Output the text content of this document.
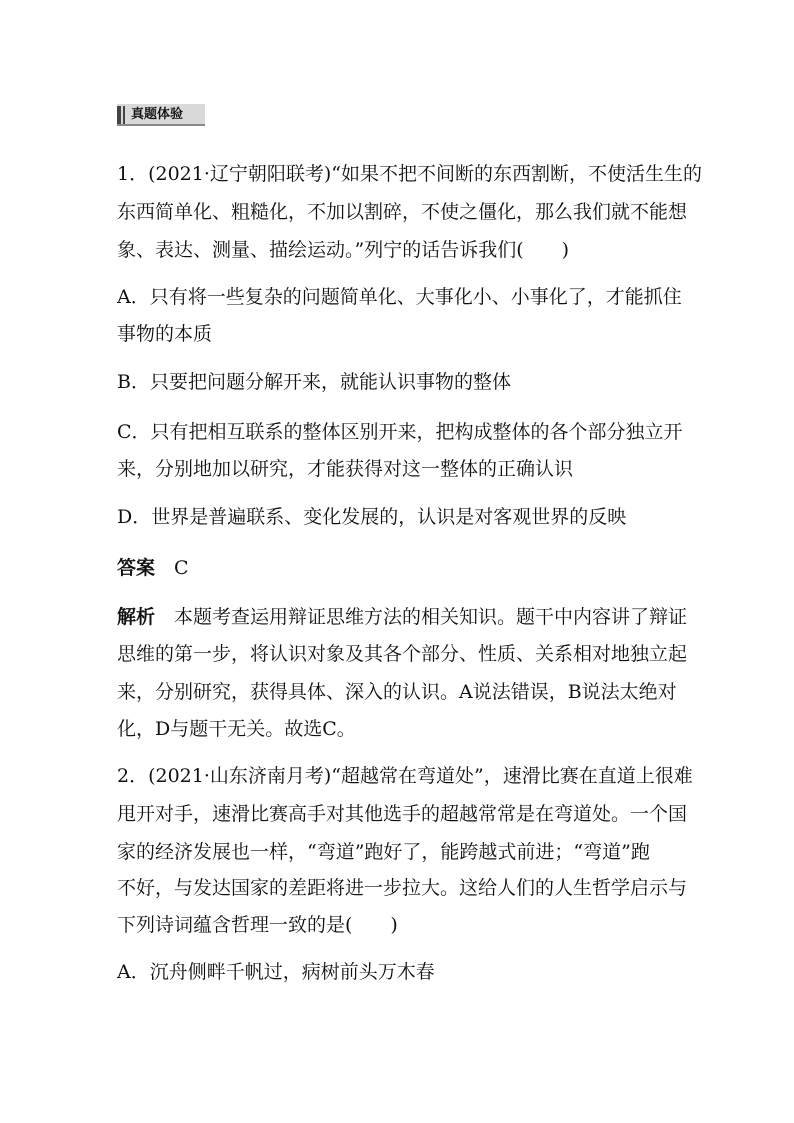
真题体验
1．(2021·辽宁朝阳联考)“如果不把不间断的东西割断，不使活生生的
东西简单化、粗糙化，不加以割碎，不使之僵化，那么我们就不能想
象、表达、测量、描绘运动。”列宁的话告诉我们(　　)
A．只有将一些复杂的问题简单化、大事化小、小事化了，才能抓住
事物的本质
B．只要把问题分解开来，就能认识事物的整体
C．只有把相互联系的整体区别开来，把构成整体的各个部分独立开
来，分别地加以研究，才能获得对这一整体的正确认识
D．世界是普遍联系、变化发展的，认识是对客观世界的反映
答案　 C
解析　 本题考查运用辩证思维方法的相关知识。题干中内容讲了辩证
思维的第一步，将认识对象及其各个部分、性质、关系相对地独立起
来，分别研究，获得具体、深入的认识。A说法错误，B说法太绝对
化，D与题干无关。故选C。
2．(2021·山东济南月考)“超越常在弯道处”，速滑比赛在直道上很难
甩开对手，速滑比赛高手对其他选手的超越常常是在弯道处。一个国
家的经济发展也一样，“弯道”跑好了，能跨越式前进；“弯道”跑
不好，与发达国家的差距将进一步拉大。这给人们的人生哲学启示与
下列诗词蕴含哲理一致的是(　　)
A．沉舟侧畔千帆过，病树前头万木春
